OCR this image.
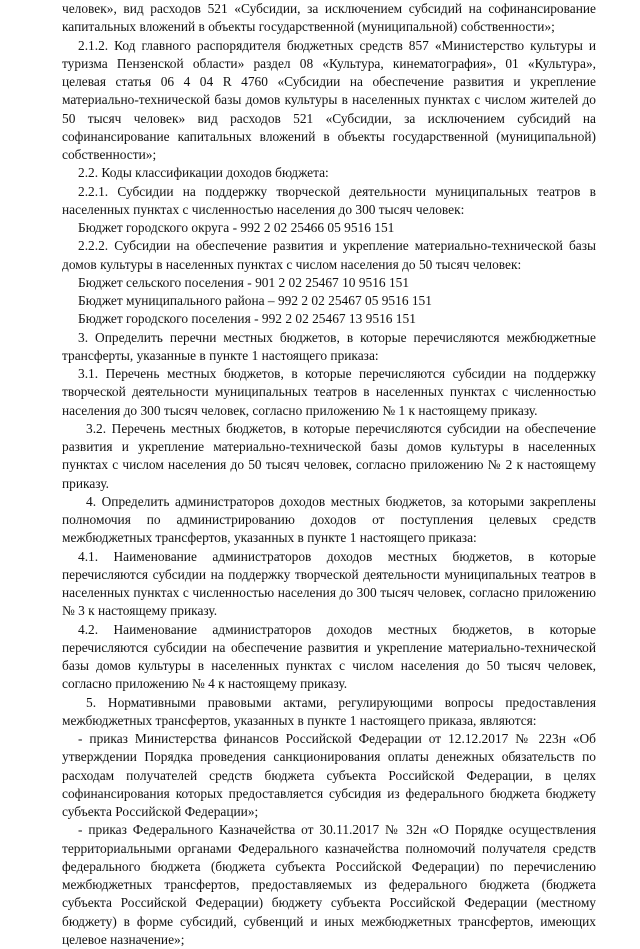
человек», вид расходов 521 «Субсидии, за исключением субсидий на софинансирование капитальных вложений в объекты государственной (муниципальной) собственности»;

2.1.2. Код главного распорядителя бюджетных средств 857 «Министерство культуры и туризма Пензенской области» раздел 08 «Культура, кинематография», 01 «Культура», целевая статья 06 4 04 R 4760 «Субсидии на обеспечение развития и укрепление материально-технической базы домов культуры в населенных пунктах с числом жителей до 50 тысяч человек» вид расходов 521 «Субсидии, за исключением субсидий на софинансирование капитальных вложений в объекты государственной (муниципальной) собственности»;

2.2. Коды классификации доходов бюджета:

2.2.1. Субсидии на поддержку творческой деятельности муниципальных театров в населенных пунктах с численностью населения до 300 тысяч человек:

Бюджет городского округа - 992 2 02 25466 05 9516 151

2.2.2. Субсидии на обеспечение развития и укрепление материально-технической базы домов культуры в населенных пунктах с числом населения до 50 тысяч человек:

Бюджет сельского поселения - 901 2 02 25467 10 9516 151

Бюджет муниципального района – 992 2 02 25467 05 9516 151

Бюджет городского поселения - 992 2 02 25467 13 9516 151

3. Определить перечни местных бюджетов, в которые перечисляются межбюджетные трансферты, указанные в пункте 1 настоящего приказа:

3.1. Перечень местных бюджетов, в которые перечисляются субсидии на поддержку творческой деятельности муниципальных театров в населенных пунктах с численностью населения до 300 тысяч человек, согласно приложению № 1 к настоящему приказу.

3.2. Перечень местных бюджетов, в которые перечисляются субсидии на обеспечение развития и укрепление материально-технической базы домов культуры в населенных пунктах с числом населения до 50 тысяч человек, согласно приложению № 2 к настоящему приказу.

4. Определить администраторов доходов местных бюджетов, за которыми закреплены полномочия по администрированию доходов от поступления целевых средств межбюджетных трансфертов, указанных в пункте 1 настоящего приказа:

4.1. Наименование администраторов доходов местных бюджетов, в которые перечисляются субсидии на поддержку творческой деятельности муниципальных театров в населенных пунктах с численностью населения до 300 тысяч человек, согласно приложению № 3 к настоящему приказу.

4.2. Наименование администраторов доходов местных бюджетов, в которые перечисляются субсидии на обеспечение развития и укрепление материально-технической базы домов культуры в населенных пунктах с числом населения до 50 тысяч человек, согласно приложению № 4 к настоящему приказу.

5. Нормативными правовыми актами, регулирующими вопросы предоставления межбюджетных трансфертов, указанных в пункте 1 настоящего приказа, являются:

- приказ Министерства финансов Российской Федерации от 12.12.2017 № 223н «Об утверждении Порядка проведения санкционирования оплаты денежных обязательств по расходам получателей средств бюджета субъекта Российской Федерации, в целях софинансирования которых предоставляется субсидия из федерального бюджета бюджету субъекта Российской Федерации»;

- приказ Федерального Казначейства от 30.11.2017 № 32н «О Порядке осуществления территориальными органами Федерального казначейства полномочий получателя средств федерального бюджета (бюджета субъекта Российской Федерации) по перечислению межбюджетных трансфертов, предоставляемых из федерального бюджета (бюджета субъекта Российской Федерации) бюджету субъекта Российской Федерации (местному бюджету) в форме субсидий, субвенций и иных межбюджетных трансфертов, имеющих целевое назначение»;
